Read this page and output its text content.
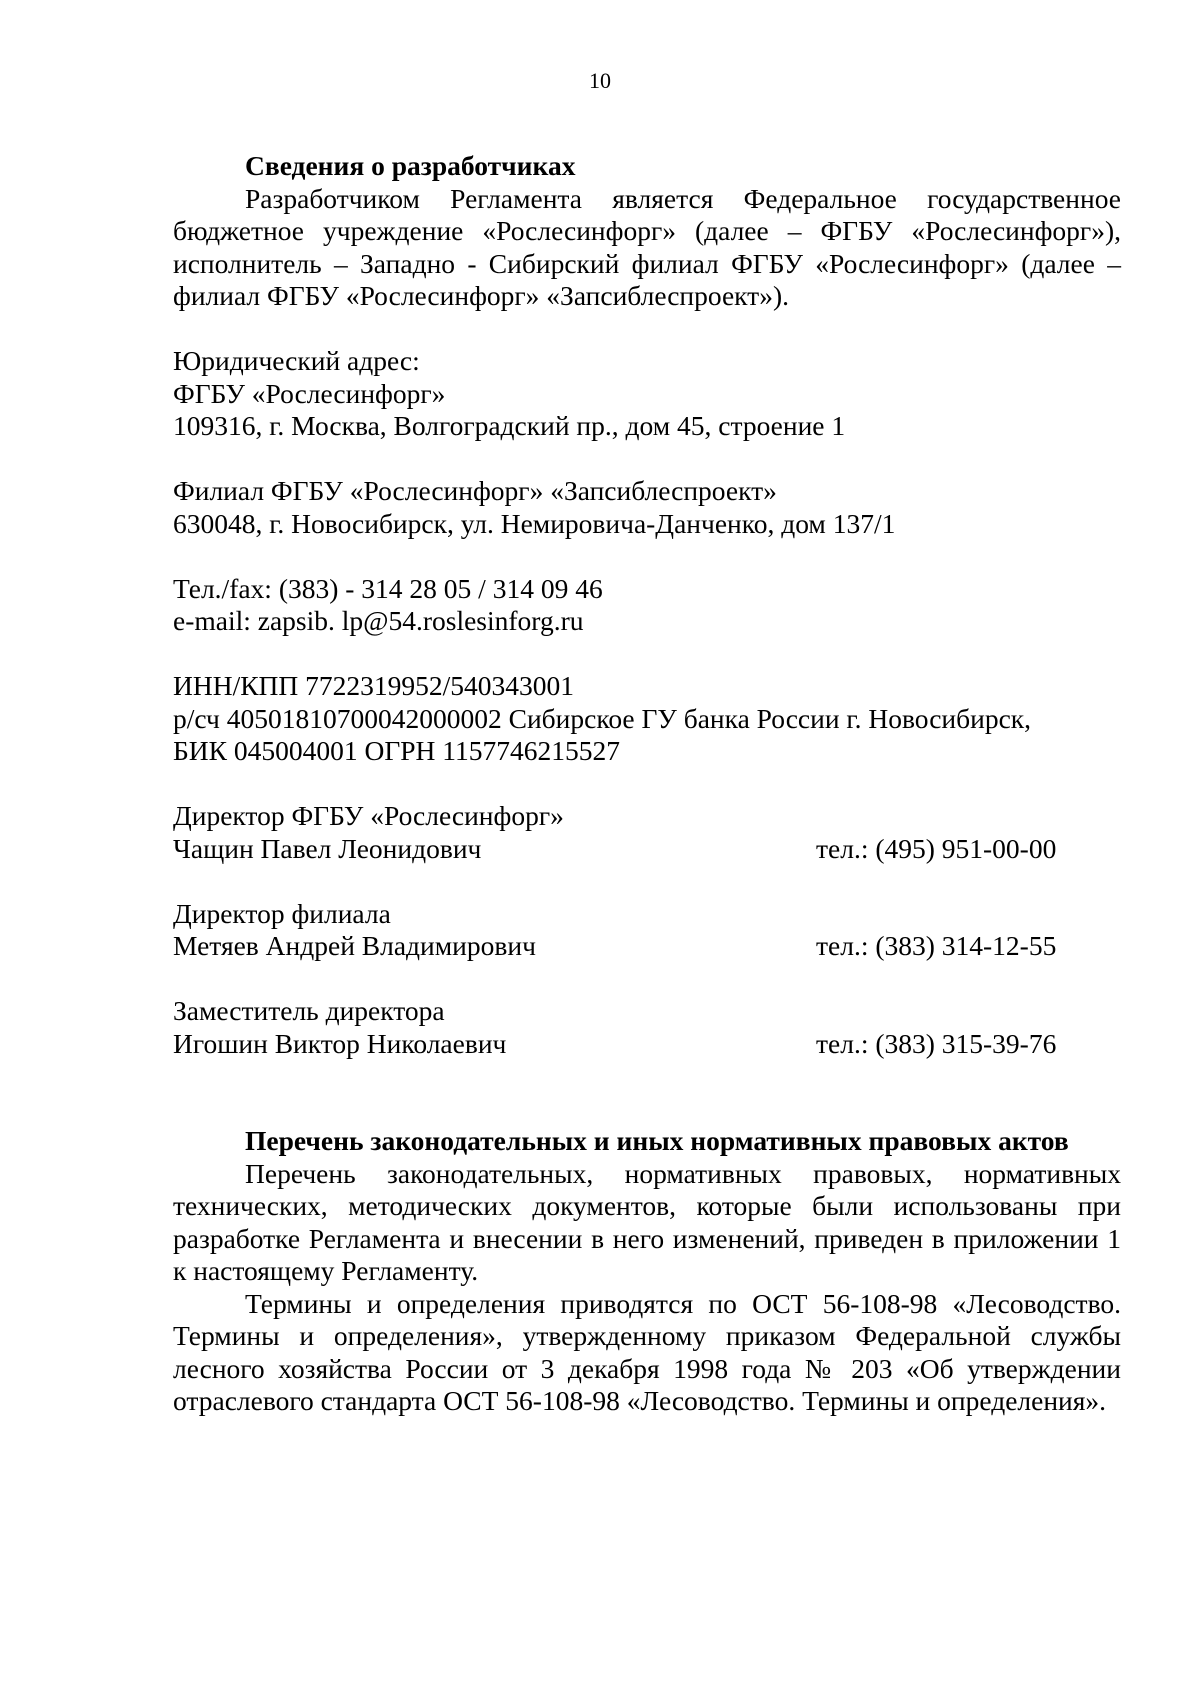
10
Сведения о разработчиках
Разработчиком Регламента является Федеральное государственное бюджетное учреждение «Рослесинфорг» (далее – ФГБУ «Рослесинфорг»), исполнитель – Западно - Сибирский филиал ФГБУ «Рослесинфорг» (далее – филиал ФГБУ «Рослесинфорг» «Запсиблеспроект»).
Юридический адрес:
ФГБУ «Рослесинфорг»
109316, г. Москва, Волгоградский пр., дом 45, строение 1
Филиал ФГБУ «Рослесинфорг» «Запсиблеспроект»
630048, г. Новосибирск, ул. Немировича-Данченко, дом 137/1
Тел./fax: (383) - 314 28 05 / 314 09 46
e-mail: zapsib. lp@54.roslesinforg.ru
ИНН/КПП 7722319952/540343001
р/сч 40501810700042000002 Сибирское ГУ банка России г. Новосибирск,
БИК 045004001 ОГРН 1157746215527
Директор ФГБУ «Рослесинфорг»
Чащин Павел Леонидович	тел.: (495) 951-00-00
Директор филиала
Метяев Андрей Владимирович	тел.: (383) 314-12-55
Заместитель директора
Игошин Виктор Николаевич	тел.: (383) 315-39-76
Перечень законодательных и иных нормативных правовых актов
Перечень законодательных, нормативных правовых, нормативных технических, методических документов, которые были использованы при разработке Регламента и внесении в него изменений, приведен в приложении 1 к настоящему Регламенту.
Термины и определения приводятся по ОСТ 56-108-98 «Лесоводство. Термины и определения», утвержденному приказом Федеральной службы лесного хозяйства России от 3 декабря 1998 года № 203 «Об утверждении отраслевого стандарта ОСТ 56-108-98 «Лесоводство. Термины и определения».
